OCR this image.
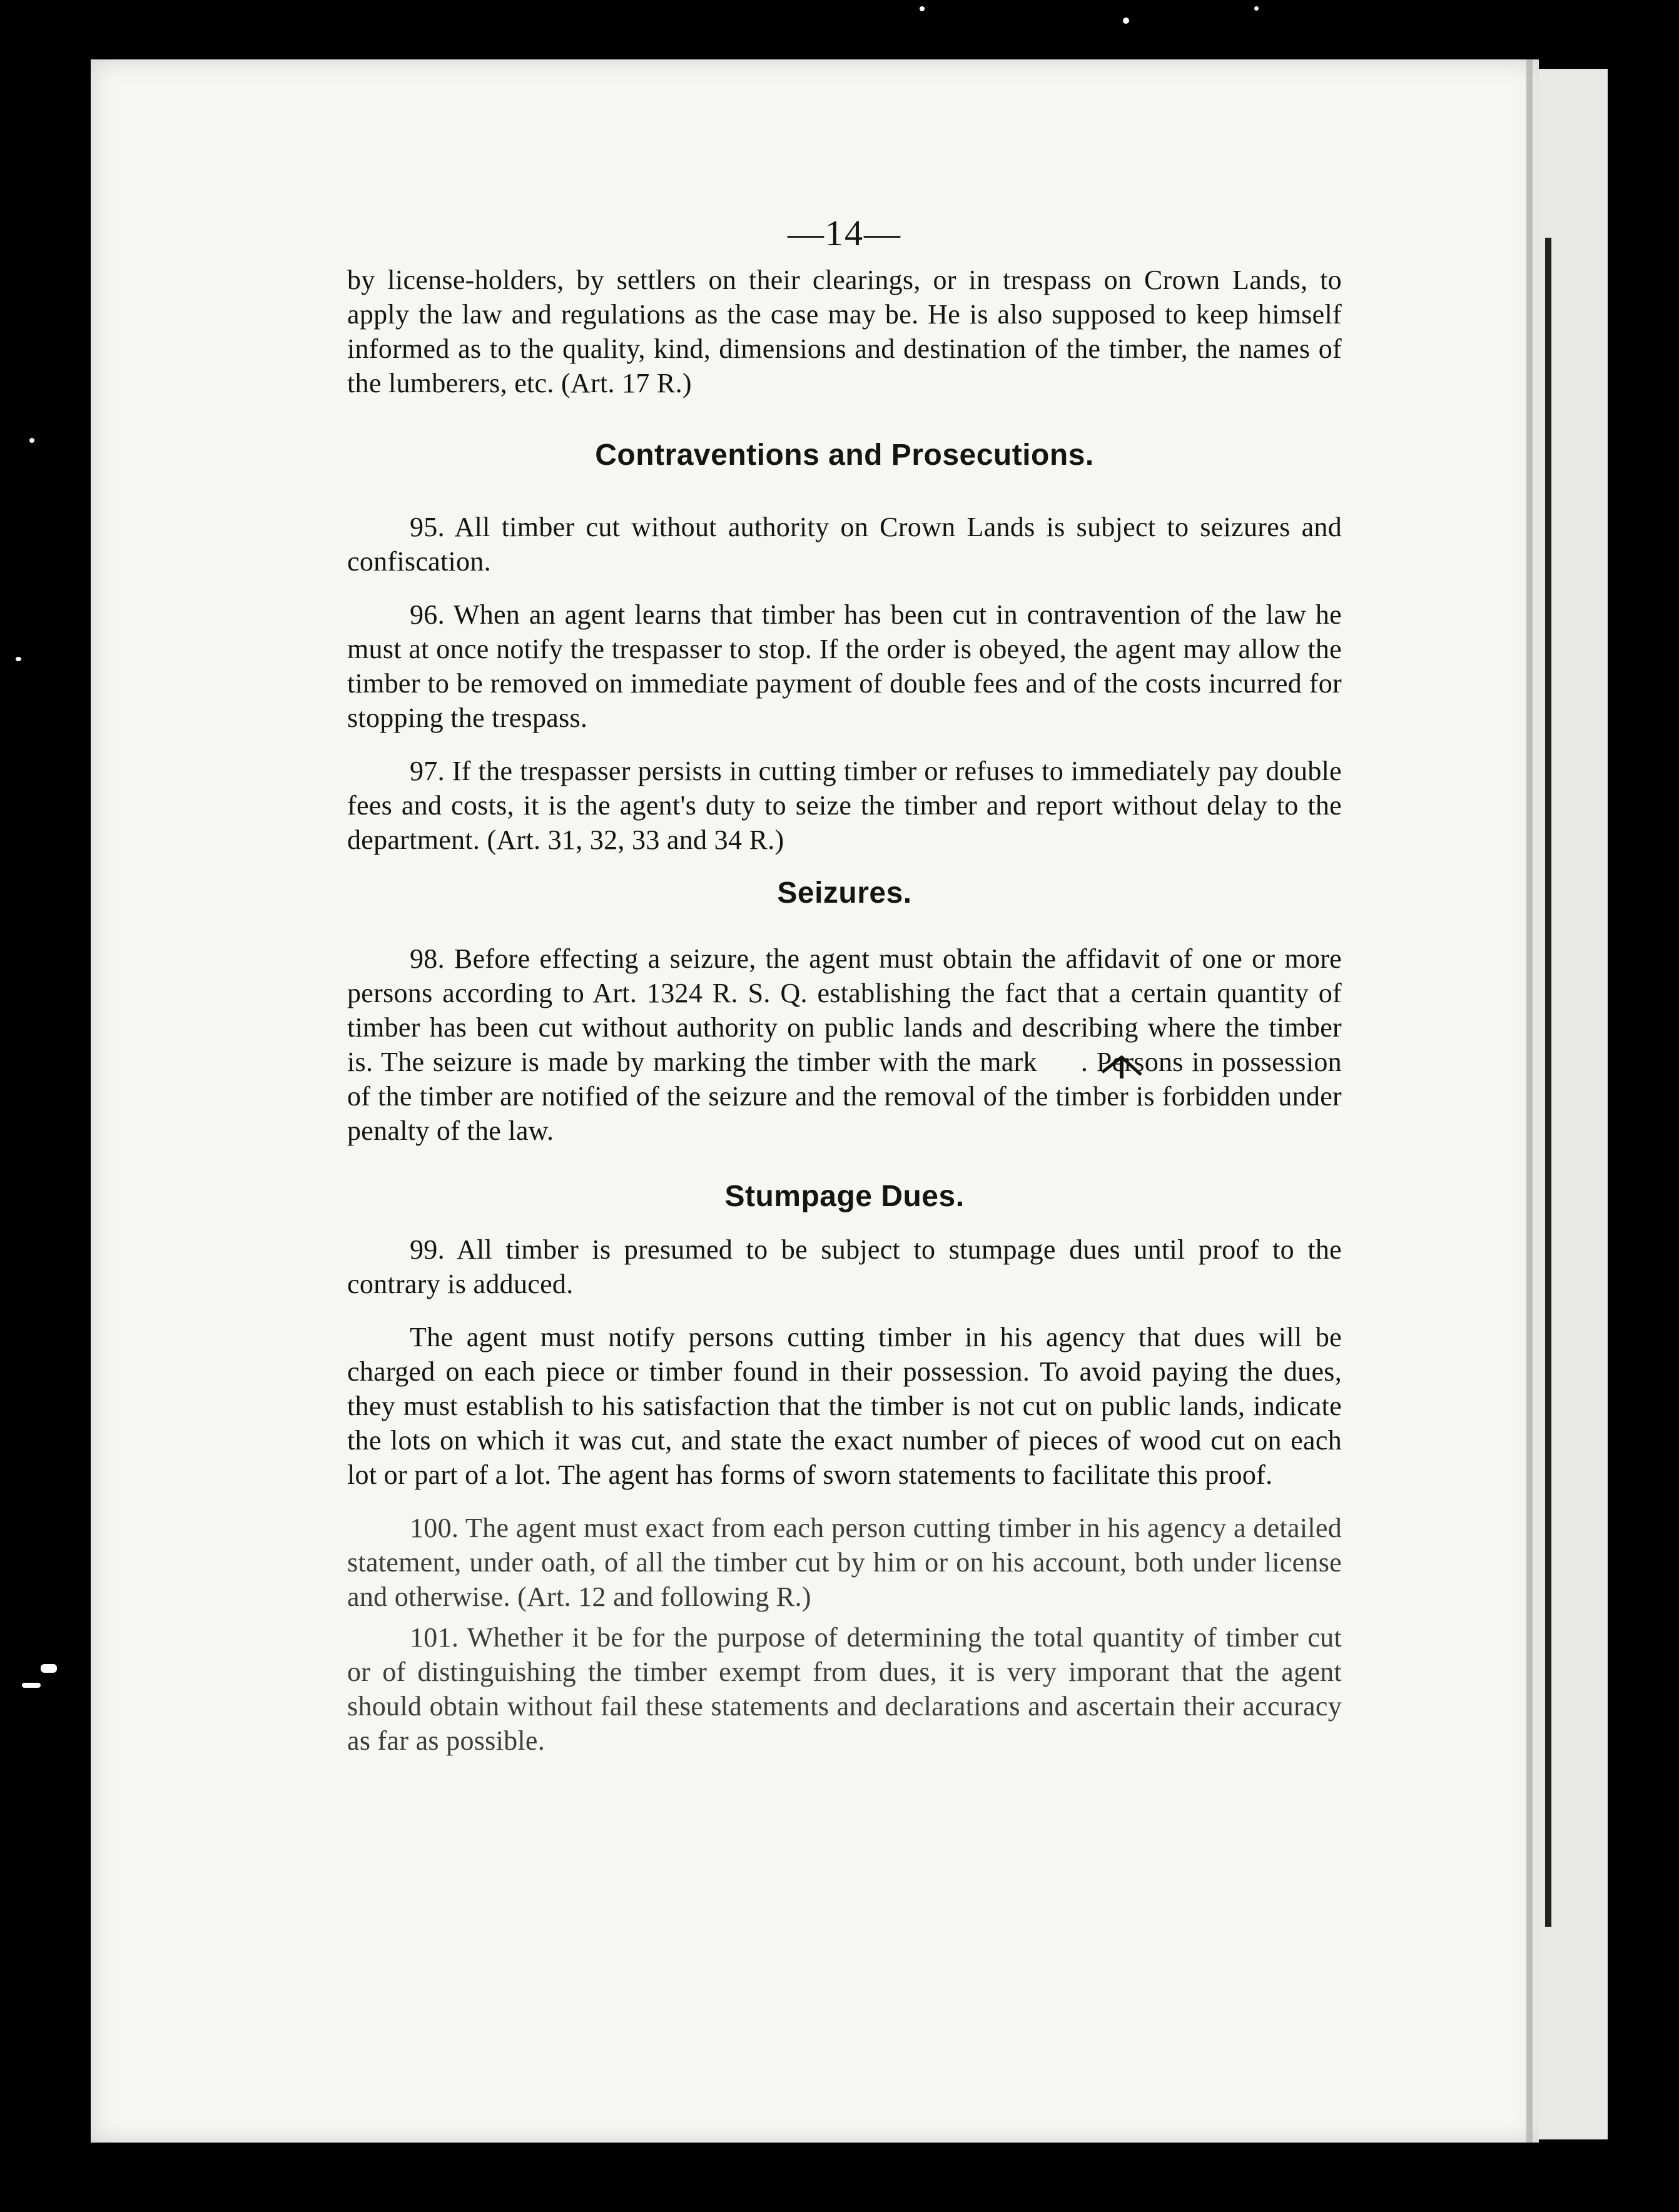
—14—

by license-holders, by settlers on their clearings, or in trespass on Crown Lands, to apply the law and regulations as the case may be. He is also supposed to keep himself informed as to the quality, kind, dimensions and destination of the timber, the names of the lumberers, etc. (Art. 17 R.)

Contraventions and Prosecutions.

95. All timber cut without authority on Crown Lands is subject to seizures and confiscation.

96. When an agent learns that timber has been cut in contravention of the law he must at once notify the trespasser to stop. If the order is obeyed, the agent may allow the timber to be removed on immediate payment of double fees and of the costs incurred for stopping the trespass.

97. If the trespasser persists in cutting timber or refuses to immediately pay double fees and costs, it is the agent's duty to seize the timber and report without delay to the department. (Art. 31, 32, 33 and 34 R.)

Seizures.

98. Before effecting a seizure, the agent must obtain the affidavit of one or more persons according to Art. 1324 R. S. Q. establishing the fact that a certain quantity of timber has been cut without authority on public lands and describing where the timber is. The seizure is made by marking the timber with the mark . Persons in possession of the timber are notified of the seizure and the removal of the timber is forbidden under penalty of the law.

Stumpage Dues.

99. All timber is presumed to be subject to stumpage dues until proof to the contrary is adduced.

The agent must notify persons cutting timber in his agency that dues will be charged on each piece or timber found in their possession. To avoid paying the dues, they must establish to his satisfaction that the timber is not cut on public lands, indicate the lots on which it was cut, and state the exact number of pieces of wood cut on each lot or part of a lot. The agent has forms of sworn statements to facilitate this proof.

100. The agent must exact from each person cutting timber in his agency a detailed statement, under oath, of all the timber cut by him or on his account, both under license and otherwise. (Art. 12 and following R.)

101. Whether it be for the purpose of determining the total quantity of timber cut or of distinguishing the timber exempt from dues, it is very imporant that the agent should obtain without fail these statements and declarations and ascertain their accuracy as far as possible.
